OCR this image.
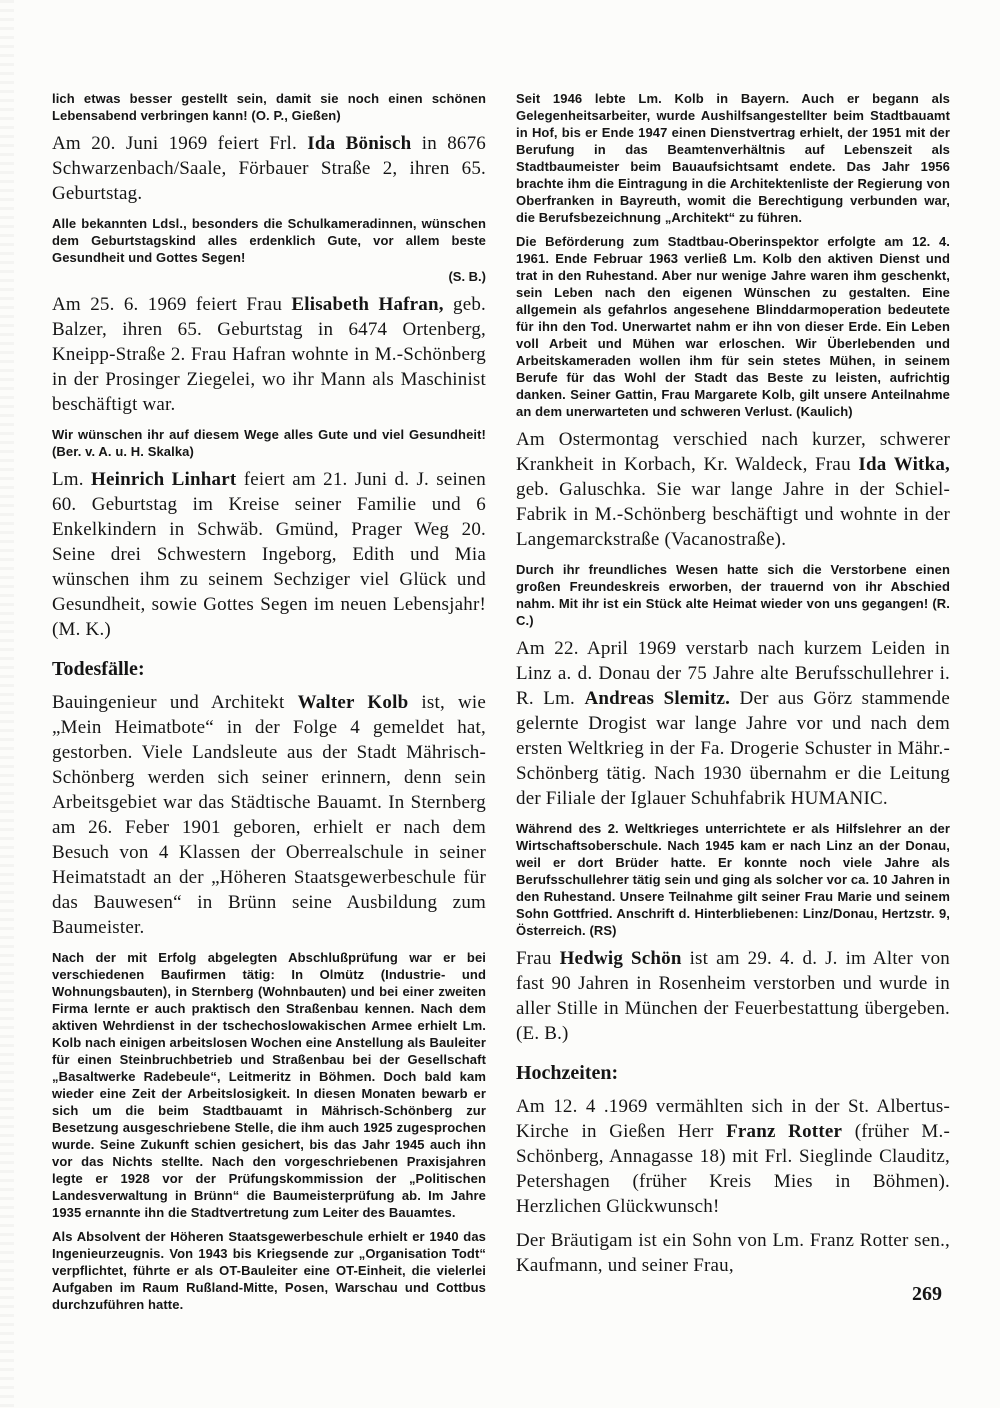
lich etwas besser gestellt sein, damit sie noch einen schönen Lebensabend verbringen kann! (O. P., Gießen)

Am 20. Juni 1969 feiert Frl. Ida Bönisch in 8676 Schwarzenbach/Saale, Förbauer Straße 2, ihren 65. Geburtstag.

Alle bekannten Ldsl., besonders die Schulkameradinnen, wünschen dem Geburtstagskind alles erdenklich Gute, vor allem beste Gesundheit und Gottes Segen!

(S. B.)

Am 25. 6. 1969 feiert Frau Elisabeth Hafran, geb. Balzer, ihren 65. Geburtstag in 6474 Ortenberg, Kneipp-Straße 2. Frau Hafran wohnte in M.-Schönberg in der Prosinger Ziegelei, wo ihr Mann als Maschinist beschäftigt war.

Wir wünschen ihr auf diesem Wege alles Gute und viel Gesundheit! (Ber. v. A. u. H. Skalka)

Lm. Heinrich Linhart feiert am 21. Juni d. J. seinen 60. Geburtstag im Kreise seiner Familie und 6 Enkelkindern in Schwäb. Gmünd, Prager Weg 20. Seine drei Schwestern Ingeborg, Edith und Mia wünschen ihm zu seinem Sechziger viel Glück und Gesundheit, sowie Gottes Segen im neuen Lebensjahr! (M. K.)

Todesfälle:

Bauingenieur und Architekt Walter Kolb ist, wie „Mein Heimatbote“ in der Folge 4 gemeldet hat, gestorben. Viele Landsleute aus der Stadt Mährisch-Schönberg werden sich seiner erinnern, denn sein Arbeitsgebiet war das Städtische Bauamt. In Sternberg am 26. Feber 1901 geboren, erhielt er nach dem Besuch von 4 Klassen der Oberrealschule in seiner Heimatstadt an der „Höheren Staatsgewerbeschule für das Bauwesen“ in Brünn seine Ausbildung zum Baumeister.

Nach der mit Erfolg abgelegten Abschlußprüfung war er bei verschiedenen Baufirmen tätig: In Olmütz (Industrie- und Wohnungsbauten), in Sternberg (Wohnbauten) und bei einer zweiten Firma lernte er auch praktisch den Straßenbau kennen. Nach dem aktiven Wehrdienst in der tschechoslowakischen Armee erhielt Lm. Kolb nach einigen arbeitslosen Wochen eine Anstellung als Bauleiter für einen Steinbruchbetrieb und Straßenbau bei der Gesellschaft „Basaltwerke Radebeule“, Leitmeritz in Böhmen. Doch bald kam wieder eine Zeit der Arbeitslosigkeit. In diesen Monaten bewarb er sich um die beim Stadtbauamt in Mährisch-Schönberg zur Besetzung ausgeschriebene Stelle, die ihm auch 1925 zugesprochen wurde. Seine Zukunft schien gesichert, bis das Jahr 1945 auch ihn vor das Nichts stellte. Nach den vorgeschriebenen Praxisjahren legte er 1928 vor der Prüfungskommission der „Politischen Landesverwaltung in Brünn“ die Baumeisterprüfung ab. Im Jahre 1935 ernannte ihn die Stadtvertretung zum Leiter des Bauamtes.

Als Absolvent der Höheren Staatsgewerbeschule erhielt er 1940 das Ingenieurzeugnis. Von 1943 bis Kriegsende zur „Organisation Todt“ verpflichtet, führte er als OT-Bauleiter eine OT-Einheit, die vielerlei Aufgaben im Raum Rußland-Mitte, Posen, Warschau und Cottbus durchzuführen hatte.

Seit 1946 lebte Lm. Kolb in Bayern. Auch er begann als Gelegenheitsarbeiter, wurde Aushilfsangestellter beim Stadtbauamt in Hof, bis er Ende 1947 einen Dienstvertrag erhielt, der 1951 mit der Berufung in das Beamtenverhältnis auf Lebenszeit als Stadtbaumeister beim Bauaufsichtsamt endete. Das Jahr 1956 brachte ihm die Eintragung in die Architektenliste der Regierung von Oberfranken in Bayreuth, womit die Berechtigung verbunden war, die Berufsbezeichnung „Architekt“ zu führen.

Die Beförderung zum Stadtbau-Oberinspektor erfolgte am 12. 4. 1961. Ende Februar 1963 verließ Lm. Kolb den aktiven Dienst und trat in den Ruhestand. Aber nur wenige Jahre waren ihm geschenkt, sein Leben nach den eigenen Wünschen zu gestalten. Eine allgemein als gefahrlos angesehene Blinddarmoperation bedeutete für ihn den Tod. Unerwartet nahm er ihn von dieser Erde. Ein Leben voll Arbeit und Mühen war erloschen. Wir Überlebenden und Arbeitskameraden wollen ihm für sein stetes Mühen, in seinem Berufe für das Wohl der Stadt das Beste zu leisten, aufrichtig danken. Seiner Gattin, Frau Margarete Kolb, gilt unsere Anteilnahme an dem unerwarteten und schweren Verlust. (Kaulich)

Am Ostermontag verschied nach kurzer, schwerer Krankheit in Korbach, Kr. Waldeck, Frau Ida Witka, geb. Galuschka. Sie war lange Jahre in der Schiel-Fabrik in M.-Schönberg beschäftigt und wohnte in der Langemarckstraße (Vacanostraße).

Durch ihr freundliches Wesen hatte sich die Verstorbene einen großen Freundeskreis erworben, der trauernd von ihr Abschied nahm. Mit ihr ist ein Stück alte Heimat wieder von uns gegangen! (R. C.)

Am 22. April 1969 verstarb nach kurzem Leiden in Linz a. d. Donau der 75 Jahre alte Berufsschullehrer i. R. Lm. Andreas Slemitz. Der aus Görz stammende gelernte Drogist war lange Jahre vor und nach dem ersten Weltkrieg in der Fa. Drogerie Schuster in Mähr.-Schönberg tätig. Nach 1930 übernahm er die Leitung der Filiale der Iglauer Schuhfabrik HUMANIC.

Während des 2. Weltkrieges unterrichtete er als Hilfslehrer an der Wirtschaftsoberschule. Nach 1945 kam er nach Linz an der Donau, weil er dort Brüder hatte. Er konnte noch viele Jahre als Berufsschullehrer tätig sein und ging als solcher vor ca. 10 Jahren in den Ruhestand. Unsere Teilnahme gilt seiner Frau Marie und seinem Sohn Gottfried. Anschrift d. Hinterbliebenen: Linz/Donau, Hertzstr. 9, Österreich. (RS)

Frau Hedwig Schön ist am 29. 4. d. J. im Alter von fast 90 Jahren in Rosenheim verstorben und wurde in aller Stille in München der Feuerbestattung übergeben. (E. B.)

Hochzeiten:

Am 12. 4 .1969 vermählten sich in der St. Albertus-Kirche in Gießen Herr Franz Rotter (früher M.-Schönberg, Annagasse 18) mit Frl. Sieglinde Clauditz, Petershagen (früher Kreis Mies in Böhmen). Herzlichen Glückwunsch!

Der Bräutigam ist ein Sohn von Lm. Franz Rotter sen., Kaufmann, und seiner Frau,

269
